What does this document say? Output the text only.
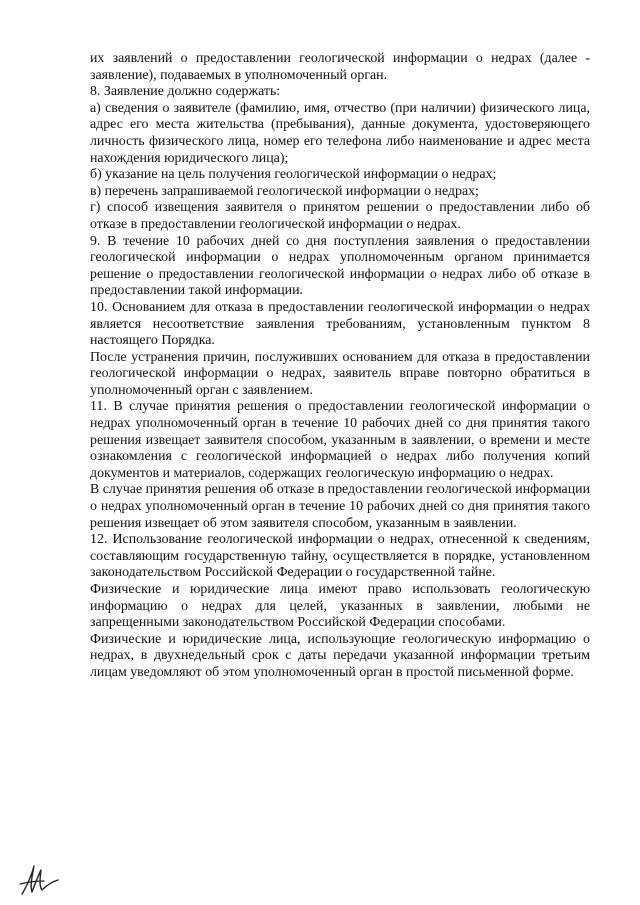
их заявлений о предоставлении геологической информации о недрах (далее - заявление), подаваемых в уполномоченный орган.

8. Заявление должно содержать:

а) сведения о заявителе (фамилию, имя, отчество (при наличии) физического лица, адрес его места жительства (пребывания), данные документа, удостоверяющего личность физического лица, номер его телефона либо наименование и адрес места нахождения юридического лица);

б) указание на цель получения геологической информации о недрах;

в) перечень запрашиваемой геологической информации о недрах;

г) способ извещения заявителя о принятом решении о предоставлении либо об отказе в предоставлении геологической информации о недрах.

9. В течение 10 рабочих дней со дня поступления заявления о предоставлении геологической информации о недрах уполномоченным органом принимается решение о предоставлении геологической информации о недрах либо об отказе в предоставлении такой информации.

10. Основанием для отказа в предоставлении геологической информации о недрах является несоответствие заявления требованиям, установленным пунктом 8 настоящего Порядка.

После устранения причин, послуживших основанием для отказа в предоставлении геологической информации о недрах, заявитель вправе повторно обратиться в уполномоченный орган с заявлением.

11. В случае принятия решения о предоставлении геологической информации о недрах уполномоченный орган в течение 10 рабочих дней со дня принятия такого решения извещает заявителя способом, указанным в заявлении, о времени и месте ознакомления с геологической информацией о недрах либо получения копий документов и материалов, содержащих геологическую информацию о недрах.

В случае принятия решения об отказе в предоставлении геологической информации о недрах уполномоченный орган в течение 10 рабочих дней со дня принятия такого решения извещает об этом заявителя способом, указанным в заявлении.

12. Использование геологической информации о недрах, отнесенной к сведениям, составляющим государственную тайну, осуществляется в порядке, установленном законодательством Российской Федерации о государственной тайне.

Физические и юридические лица имеют право использовать геологическую информацию о недрах для целей, указанных в заявлении, любыми не запрещенными законодательством Российской Федерации способами.

Физические и юридические лица, использующие геологическую информацию о недрах, в двухнедельный срок с даты передачи указанной информации третьим лицам уведомляют об этом уполномоченный орган в простой письменной форме.
